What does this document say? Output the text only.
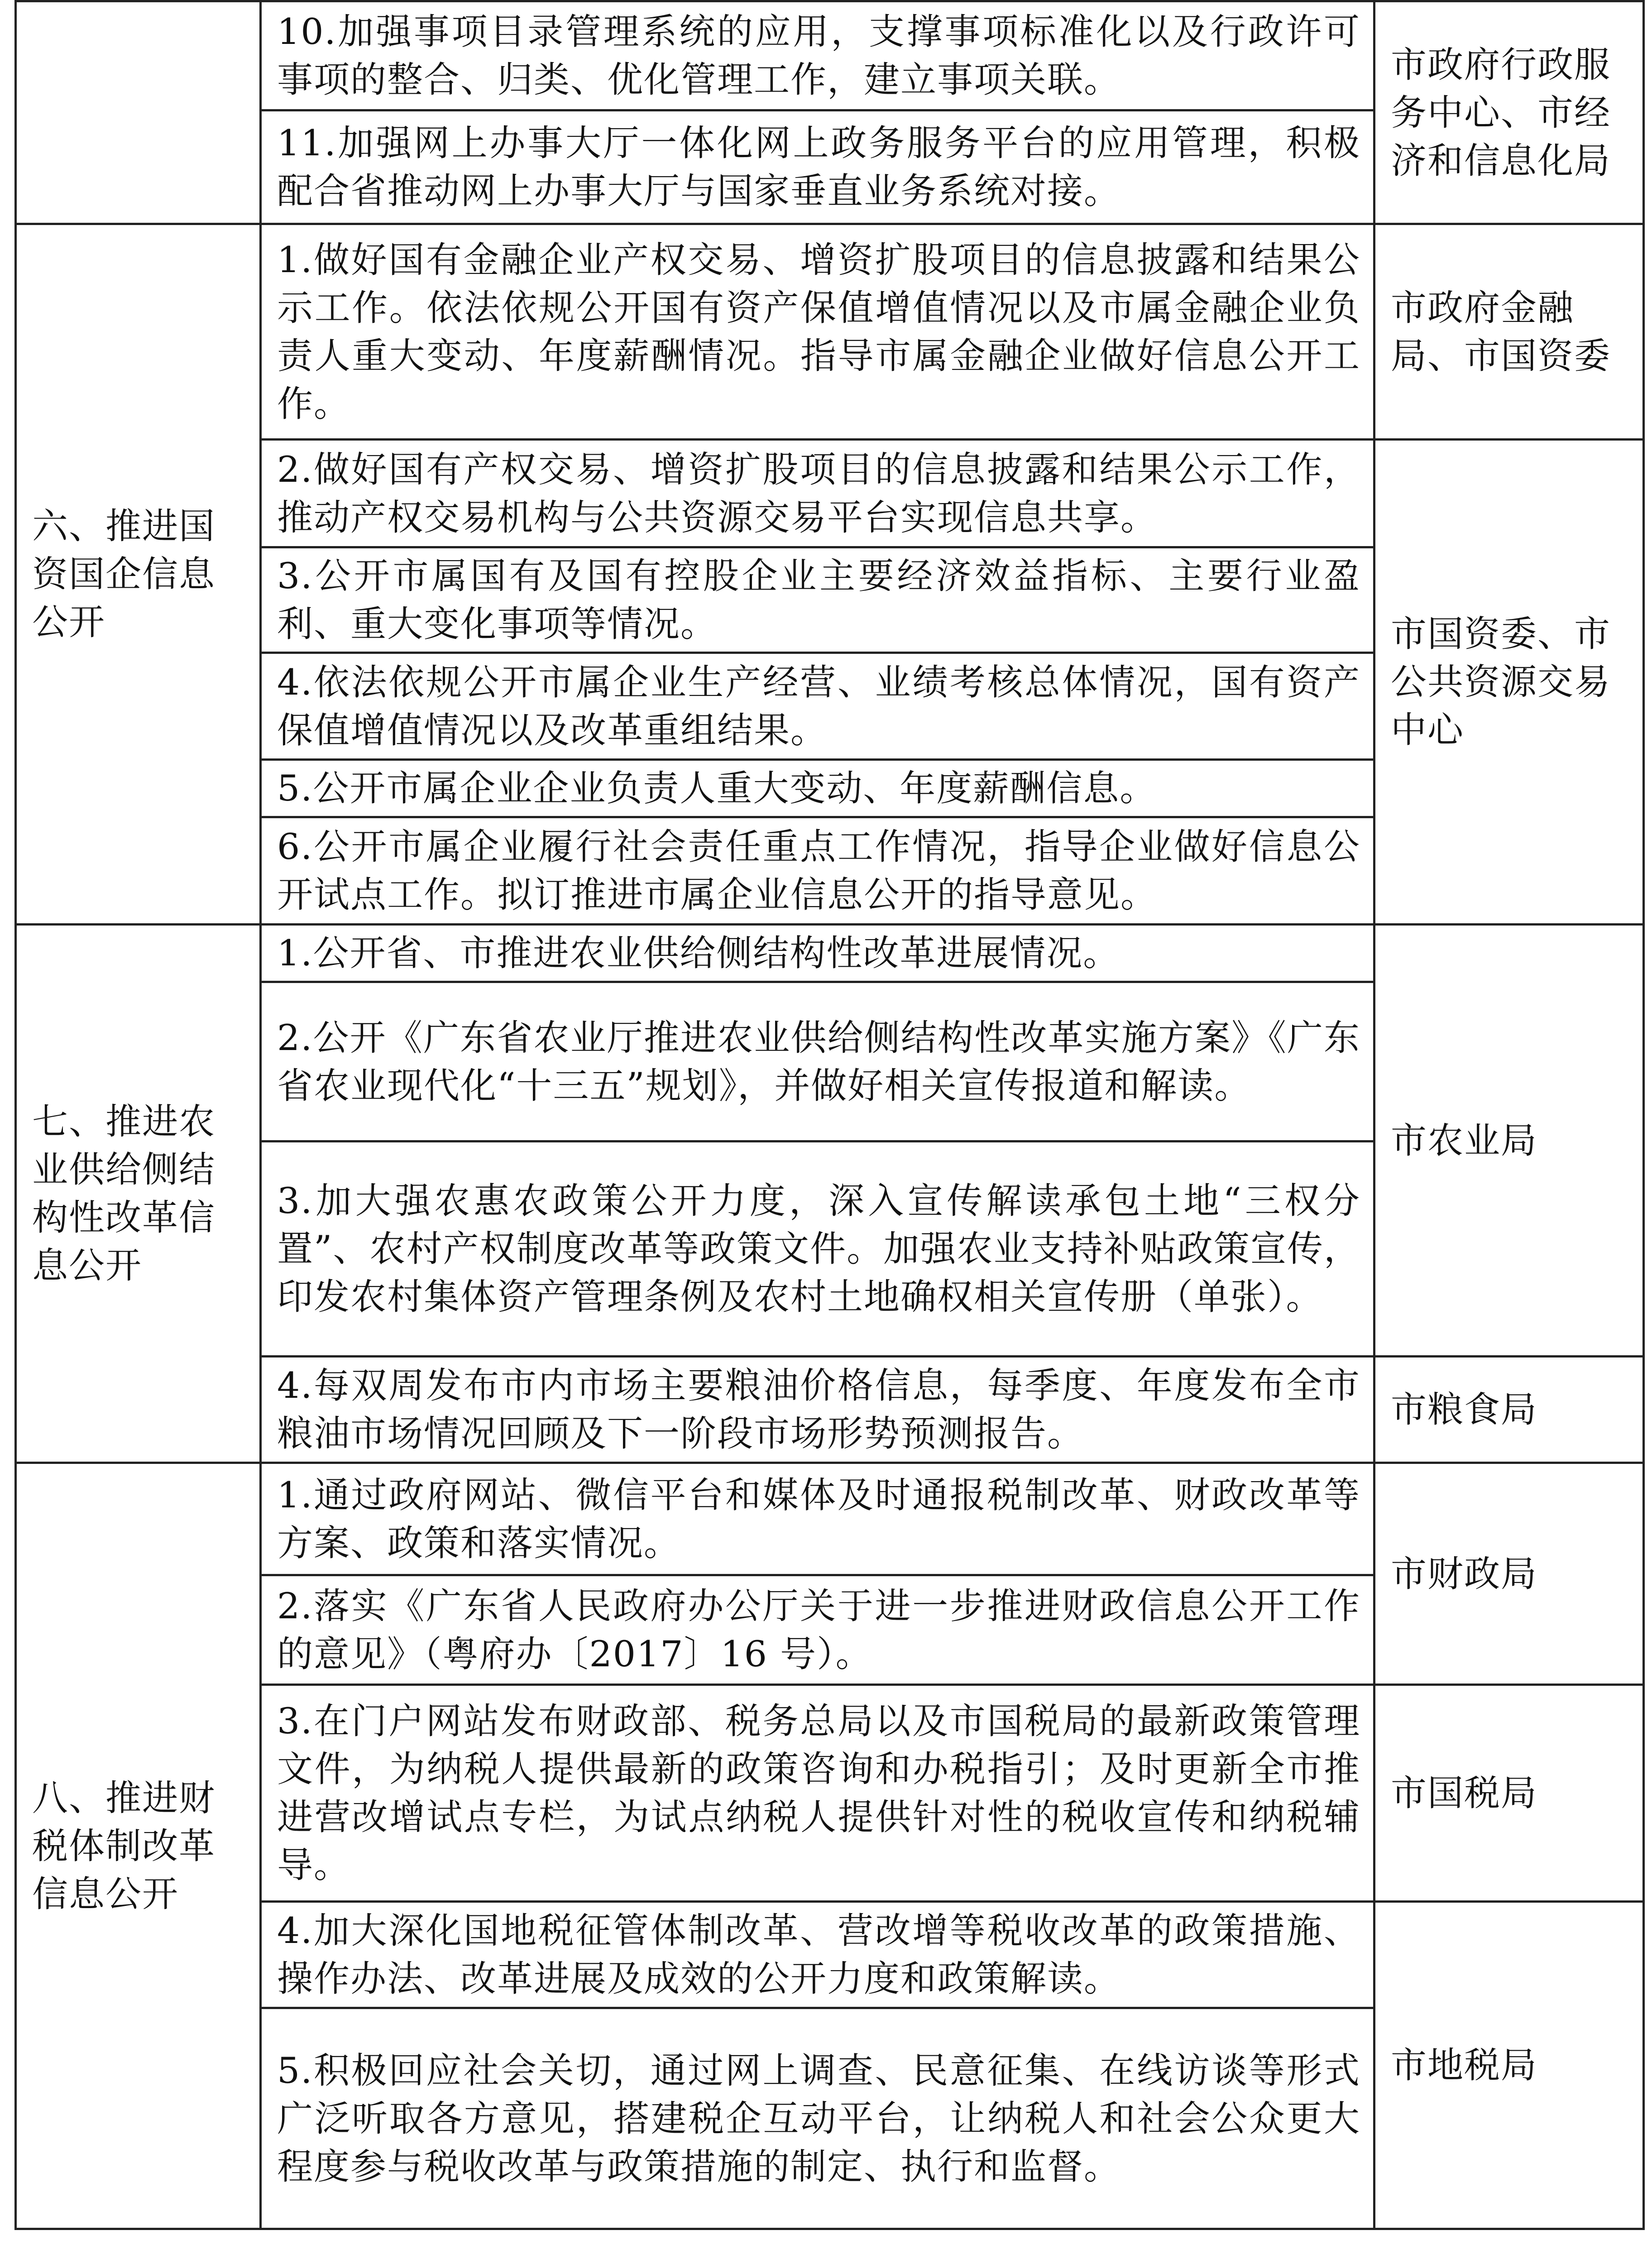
	10.加强事项目录管理系统的应用，支撑事项标准化以及行政许可事项的整合、归类、优化管理工作，建立事项关联。	市政府行政服务中心、市经济和信息化局
	11.加强网上办事大厅一体化网上政务服务平台的应用管理，积极配合省推动网上办事大厅与国家垂直业务系统对接。	
六、推进国资国企信息公开	1.做好国有金融企业产权交易、增资扩股项目的信息披露和结果公示工作。依法依规公开国有资产保值增值情况以及市属金融企业负责人重大变动、年度薪酬情况。指导市属金融企业做好信息公开工作。	市政府金融局、市国资委
	2.做好国有产权交易、增资扩股项目的信息披露和结果公示工作，推动产权交易机构与公共资源交易平台实现信息共享。	市国资委、市公共资源交易中心
	3.公开市属国有及国有控股企业主要经济效益指标、主要行业盈利、重大变化事项等情况。	
	4.依法依规公开市属企业生产经营、业绩考核总体情况，国有资产保值增值情况以及改革重组结果。	
	5.公开市属企业企业负责人重大变动、年度薪酬信息。	
	6.公开市属企业履行社会责任重点工作情况，指导企业做好信息公开试点工作。拟订推进市属企业信息公开的指导意见。	
七、推进农业供给侧结构性改革信息公开	1.公开省、市推进农业供给侧结构性改革进展情况。	市农业局
	2.公开《广东省农业厅推进农业供给侧结构性改革实施方案》《广东省农业现代化“十三五”规划》，并做好相关宣传报道和解读。	
	3.加大强农惠农政策公开力度，深入宣传解读承包土地“三权分置”、农村产权制度改革等政策文件。加强农业支持补贴政策宣传，印发农村集体资产管理条例及农村土地确权相关宣传册（单张）。	
	4.每双周发布市内市场主要粮油价格信息，每季度、年度发布全市粮油市场情况回顾及下一阶段市场形势预测报告。	市粮食局
八、推进财税体制改革信息公开	1.通过政府网站、微信平台和媒体及时通报税制改革、财政改革等方案、政策和落实情况。	市财政局
	2.落实《广东省人民政府办公厅关于进一步推进财政信息公开工作的意见》（粤府办〔2017〕16 号）。	
	3.在门户网站发布财政部、税务总局以及市国税局的最新政策管理文件，为纳税人提供最新的政策咨询和办税指引；及时更新全市推进营改增试点专栏，为试点纳税人提供针对性的税收宣传和纳税辅导。	市国税局
	4.加大深化国地税征管体制改革、营改增等税收改革的政策措施、操作办法、改革进展及成效的公开力度和政策解读。	市地税局
	5.积极回应社会关切，通过网上调查、民意征集、在线访谈等形式广泛听取各方意见，搭建税企互动平台，让纳税人和社会公众更大程度参与税收改革与政策措施的制定、执行和监督。	
